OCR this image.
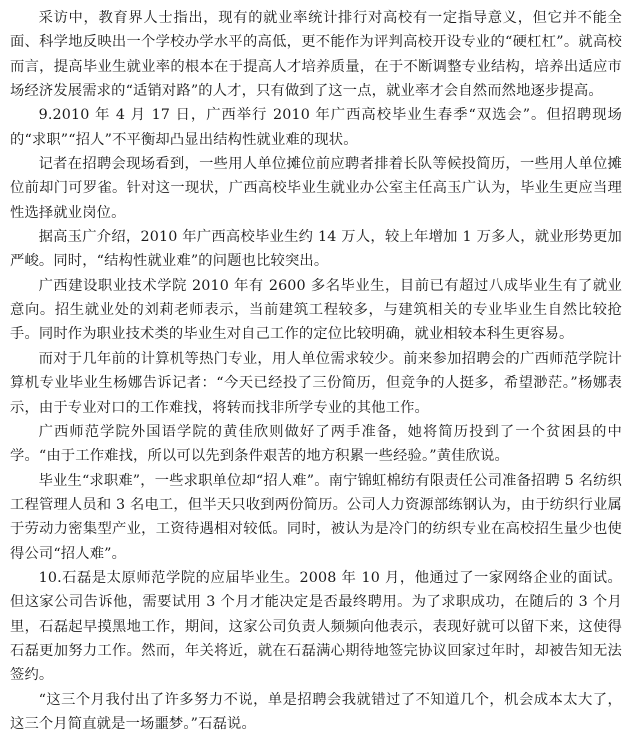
采访中，教育界人士指出，现有的就业率统计排行对高校有一定指导意义，但它并不能全面、科学地反映出一个学校办学水平的高低，更不能作为评判高校开设专业的“硬杠杠”。就高校而言，提高毕业生就业率的根本在于提高人才培养质量，在于不断调整专业结构，培养出适应市场经济发展需求的“适销对路”的人才，只有做到了这一点，就业率才会自然而然地逐步提高。

9.2010 年 4 月 17 日，广西举行 2010 年广西高校毕业生春季“双选会”。但招聘现场的“求职”“招人”不平衡却凸显出结构性就业难的现状。

记者在招聘会现场看到，一些用人单位摊位前应聘者排着长队等候投简历，一些用人单位摊位前却门可罗雀。针对这一现状，广西高校毕业生就业办公室主任高玉广认为，毕业生更应当理性选择就业岗位。

据高玉广介绍，2010 年广西高校毕业生约 14 万人，较上年增加 1 万多人，就业形势更加严峻。同时，“结构性就业难”的问题也比较突出。

广西建设职业技术学院 2010 年有 2600 多名毕业生，目前已有超过八成毕业生有了就业意向。招生就业处的刘莉老师表示，当前建筑工程较多，与建筑相关的专业毕业生自然比较抢手。同时作为职业技术类的毕业生对自己工作的定位比较明确，就业相较本科生更容易。

而对于几年前的计算机等热门专业，用人单位需求较少。前来参加招聘会的广西师范学院计算机专业毕业生杨娜告诉记者：“今天已经投了三份简历，但竞争的人挺多，希望渺茫。”杨娜表示，由于专业对口的工作难找，将转而找非所学专业的其他工作。

广西师范学院外国语学院的黄佳欣则做好了两手准备，她将简历投到了一个贫困县的中学。“由于工作难找，所以可以先到条件艰苦的地方积累一些经验。”黄佳欣说。

毕业生“求职难”，一些求职单位却“招人难”。南宁锦虹棉纺有限责任公司准备招聘 5 名纺织工程管理人员和 3 名电工，但半天只收到两份简历。公司人力资源部练钢认为，由于纺织行业属于劳动力密集型产业，工资待遇相对较低。同时，被认为是冷门的纺织专业在高校招生量少也使得公司“招人难”。

10.石磊是太原师范学院的应届毕业生。2008 年 10 月，他通过了一家网络企业的面试。但这家公司告诉他，需要试用 3 个月才能决定是否最终聘用。为了求职成功，在随后的 3 个月里，石磊起早摸黑地工作，期间，这家公司负责人频频向他表示，表现好就可以留下来，这使得石磊更加努力工作。然而，年关将近，就在石磊满心期待地签完协议回家过年时，却被告知无法签约。

“这三个月我付出了许多努力不说，单是招聘会我就错过了不知道几个，机会成本太大了，这三个月简直就是一场噩梦。”石磊说。
